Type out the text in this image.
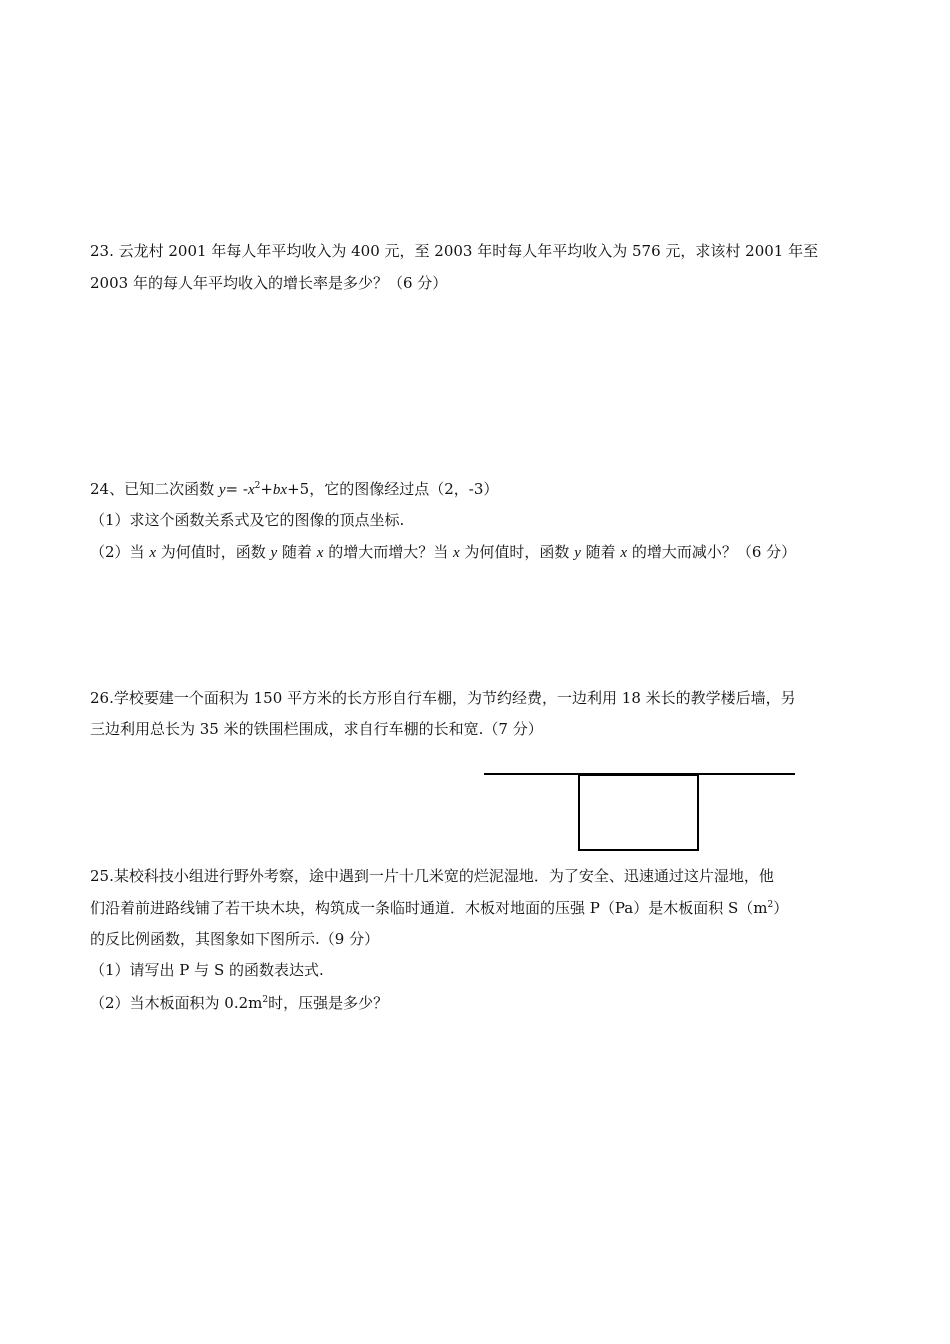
23. 云龙村 2001 年每人年平均收入为 400 元，至 2003 年时每人年平均收入为 576 元，求该村 2001 年至
2003 年的每人年平均收入的增长率是多少？（6 分）
24、已知二次函数 $y= -x^2+bx+5$，它的图像经过点（2，-3）
（1）求这个函数关系式及它的图像的顶点坐标.
（2）当 x 为何值时，函数 y 随着 x 的增大而增大？当 x 为何值时，函数 y 随着 x 的增大而减小？（6 分）
26.学校要建一个面积为 150 平方米的长方形自行车棚，为节约经费，一边利用 18 米长的教学楼后墙，另
三边利用总长为 35 米的铁围栏围成，求自行车棚的长和宽.（7 分）
25.某校科技小组进行野外考察，途中遇到一片十几米宽的烂泥湿地．为了安全、迅速通过这片湿地，他
们沿着前进路线铺了若干块木块，构筑成一条临时通道．木板对地面的压强 P（Pa）是木板面积 $S(m^2)$
的反比例函数，其图象如下图所示.（9 分）
（1）请写出 P 与 S 的函数表达式.
（2）当木板面积为 $0.2m^2$时，压强是多少？
